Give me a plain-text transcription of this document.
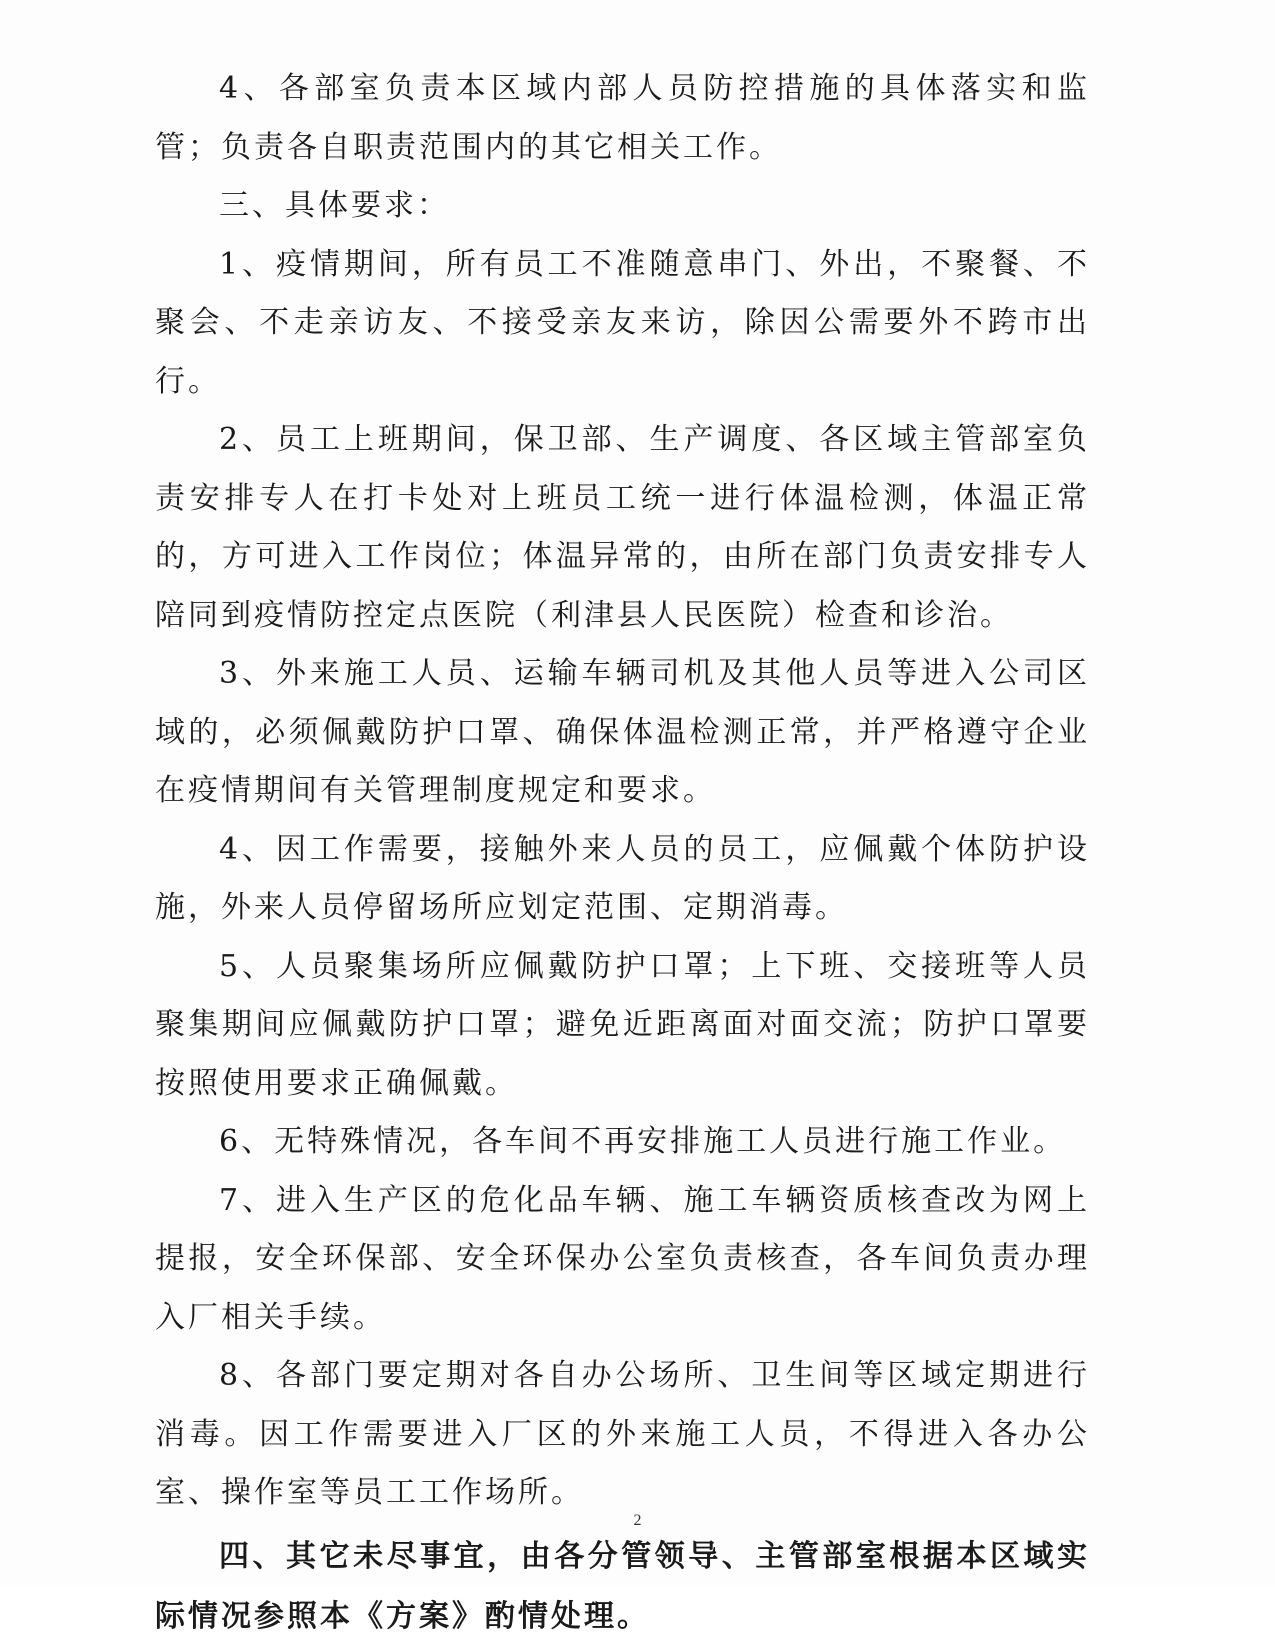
4、各部室负责本区域内部人员防控措施的具体落实和监管；负责各自职责范围内的其它相关工作。

三、具体要求：

1、疫情期间，所有员工不准随意串门、外出，不聚餐、不聚会、不走亲访友、不接受亲友来访，除因公需要外不跨市出行。

2、员工上班期间，保卫部、生产调度、各区域主管部室负责安排专人在打卡处对上班员工统一进行体温检测，体温正常的，方可进入工作岗位；体温异常的，由所在部门负责安排专人陪同到疫情防控定点医院（利津县人民医院）检查和诊治。

3、外来施工人员、运输车辆司机及其他人员等进入公司区域的，必须佩戴防护口罩、确保体温检测正常，并严格遵守企业在疫情期间有关管理制度规定和要求。

4、因工作需要，接触外来人员的员工，应佩戴个体防护设施，外来人员停留场所应划定范围、定期消毒。

5、人员聚集场所应佩戴防护口罩；上下班、交接班等人员聚集期间应佩戴防护口罩；避免近距离面对面交流；防护口罩要按照使用要求正确佩戴。

6、无特殊情况，各车间不再安排施工人员进行施工作业。

7、进入生产区的危化品车辆、施工车辆资质核查改为网上提报，安全环保部、安全环保办公室负责核查，各车间负责办理入厂相关手续。

8、各部门要定期对各自办公场所、卫生间等区域定期进行消毒。因工作需要进入厂区的外来施工人员，不得进入各办公室、操作室等员工工作场所。

四、其它未尽事宜，由各分管领导、主管部室根据本区域实际情况参照本《方案》酌情处理。

2
